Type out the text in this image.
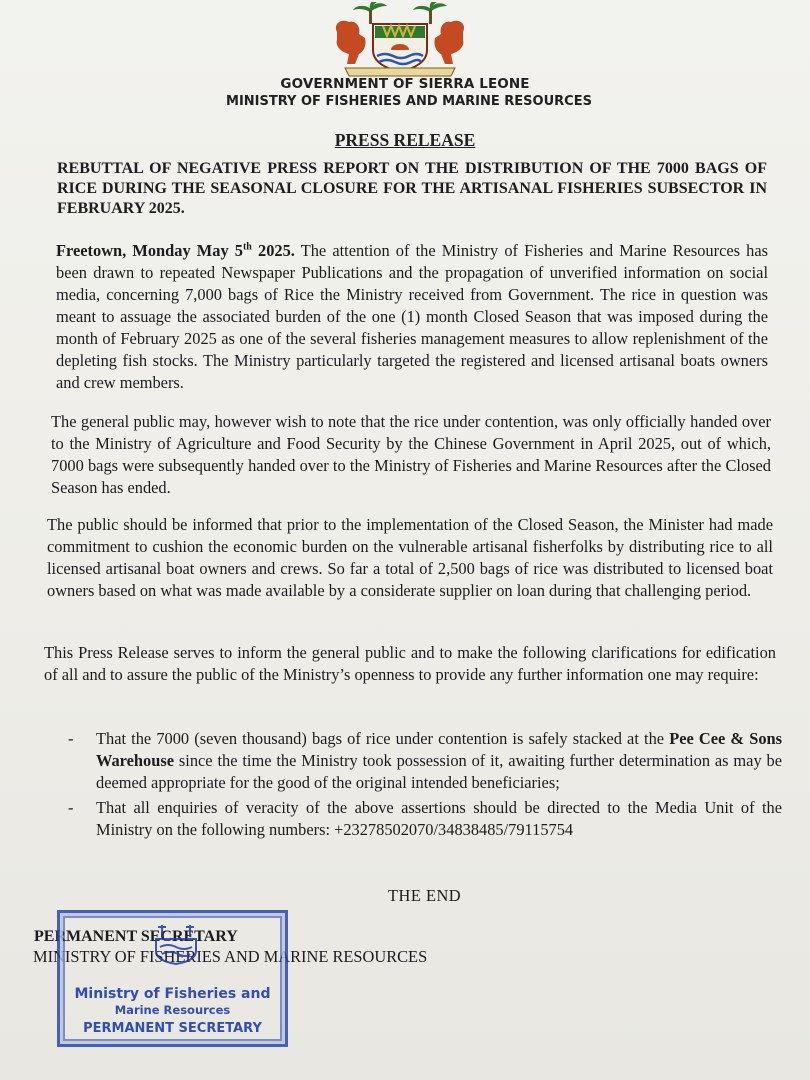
GOVERNMENT OF SIERRA LEONE
MINISTRY OF FISHERIES AND MARINE RESOURCES
PRESS RELEASE
REBUTTAL OF NEGATIVE PRESS REPORT ON THE DISTRIBUTION OF THE 7000 BAGS OF RICE DURING THE SEASONAL CLOSURE FOR THE ARTISANAL FISHERIES SUBSECTOR IN FEBRUARY 2025.
Freetown, Monday May 5th 2025. The attention of the Ministry of Fisheries and Marine Resources has been drawn to repeated Newspaper Publications and the propagation of unverified information on social media, concerning 7,000 bags of Rice the Ministry received from Government. The rice in question was meant to assuage the associated burden of the one (1) month Closed Season that was imposed during the month of February 2025 as one of the several fisheries management measures to allow replenishment of the depleting fish stocks. The Ministry particularly targeted the registered and licensed artisanal boats owners and crew members.
The general public may, however wish to note that the rice under contention, was only officially handed over to the Ministry of Agriculture and Food Security by the Chinese Government in April 2025, out of which, 7000 bags were subsequently handed over to the Ministry of Fisheries and Marine Resources after the Closed Season has ended.
The public should be informed that prior to the implementation of the Closed Season, the Minister had made commitment to cushion the economic burden on the vulnerable artisanal fisherfolks by distributing rice to all licensed artisanal boat owners and crews. So far a total of 2,500 bags of rice was distributed to licensed boat owners based on what was made available by a considerate supplier on loan during that challenging period.
This Press Release serves to inform the general public and to make the following clarifications for edification of all and to assure the public of the Ministry’s openness to provide any further information one may require:
- That the 7000 (seven thousand) bags of rice under contention is safely stacked at the Pee Cee & Sons Warehouse since the time the Ministry took possession of it, awaiting further determination as may be deemed appropriate for the good of the original intended beneficiaries;
- That all enquiries of veracity of the above assertions should be directed to the Media Unit of the Ministry on the following numbers: +23278502070/34838485/79115754
THE END
PERMANENT SECRETARY
MINISTRY OF FISHERIES AND MARINE RESOURCES
Ministry of Fisheries and
Marine Resources
PERMANENT SECRETARY
